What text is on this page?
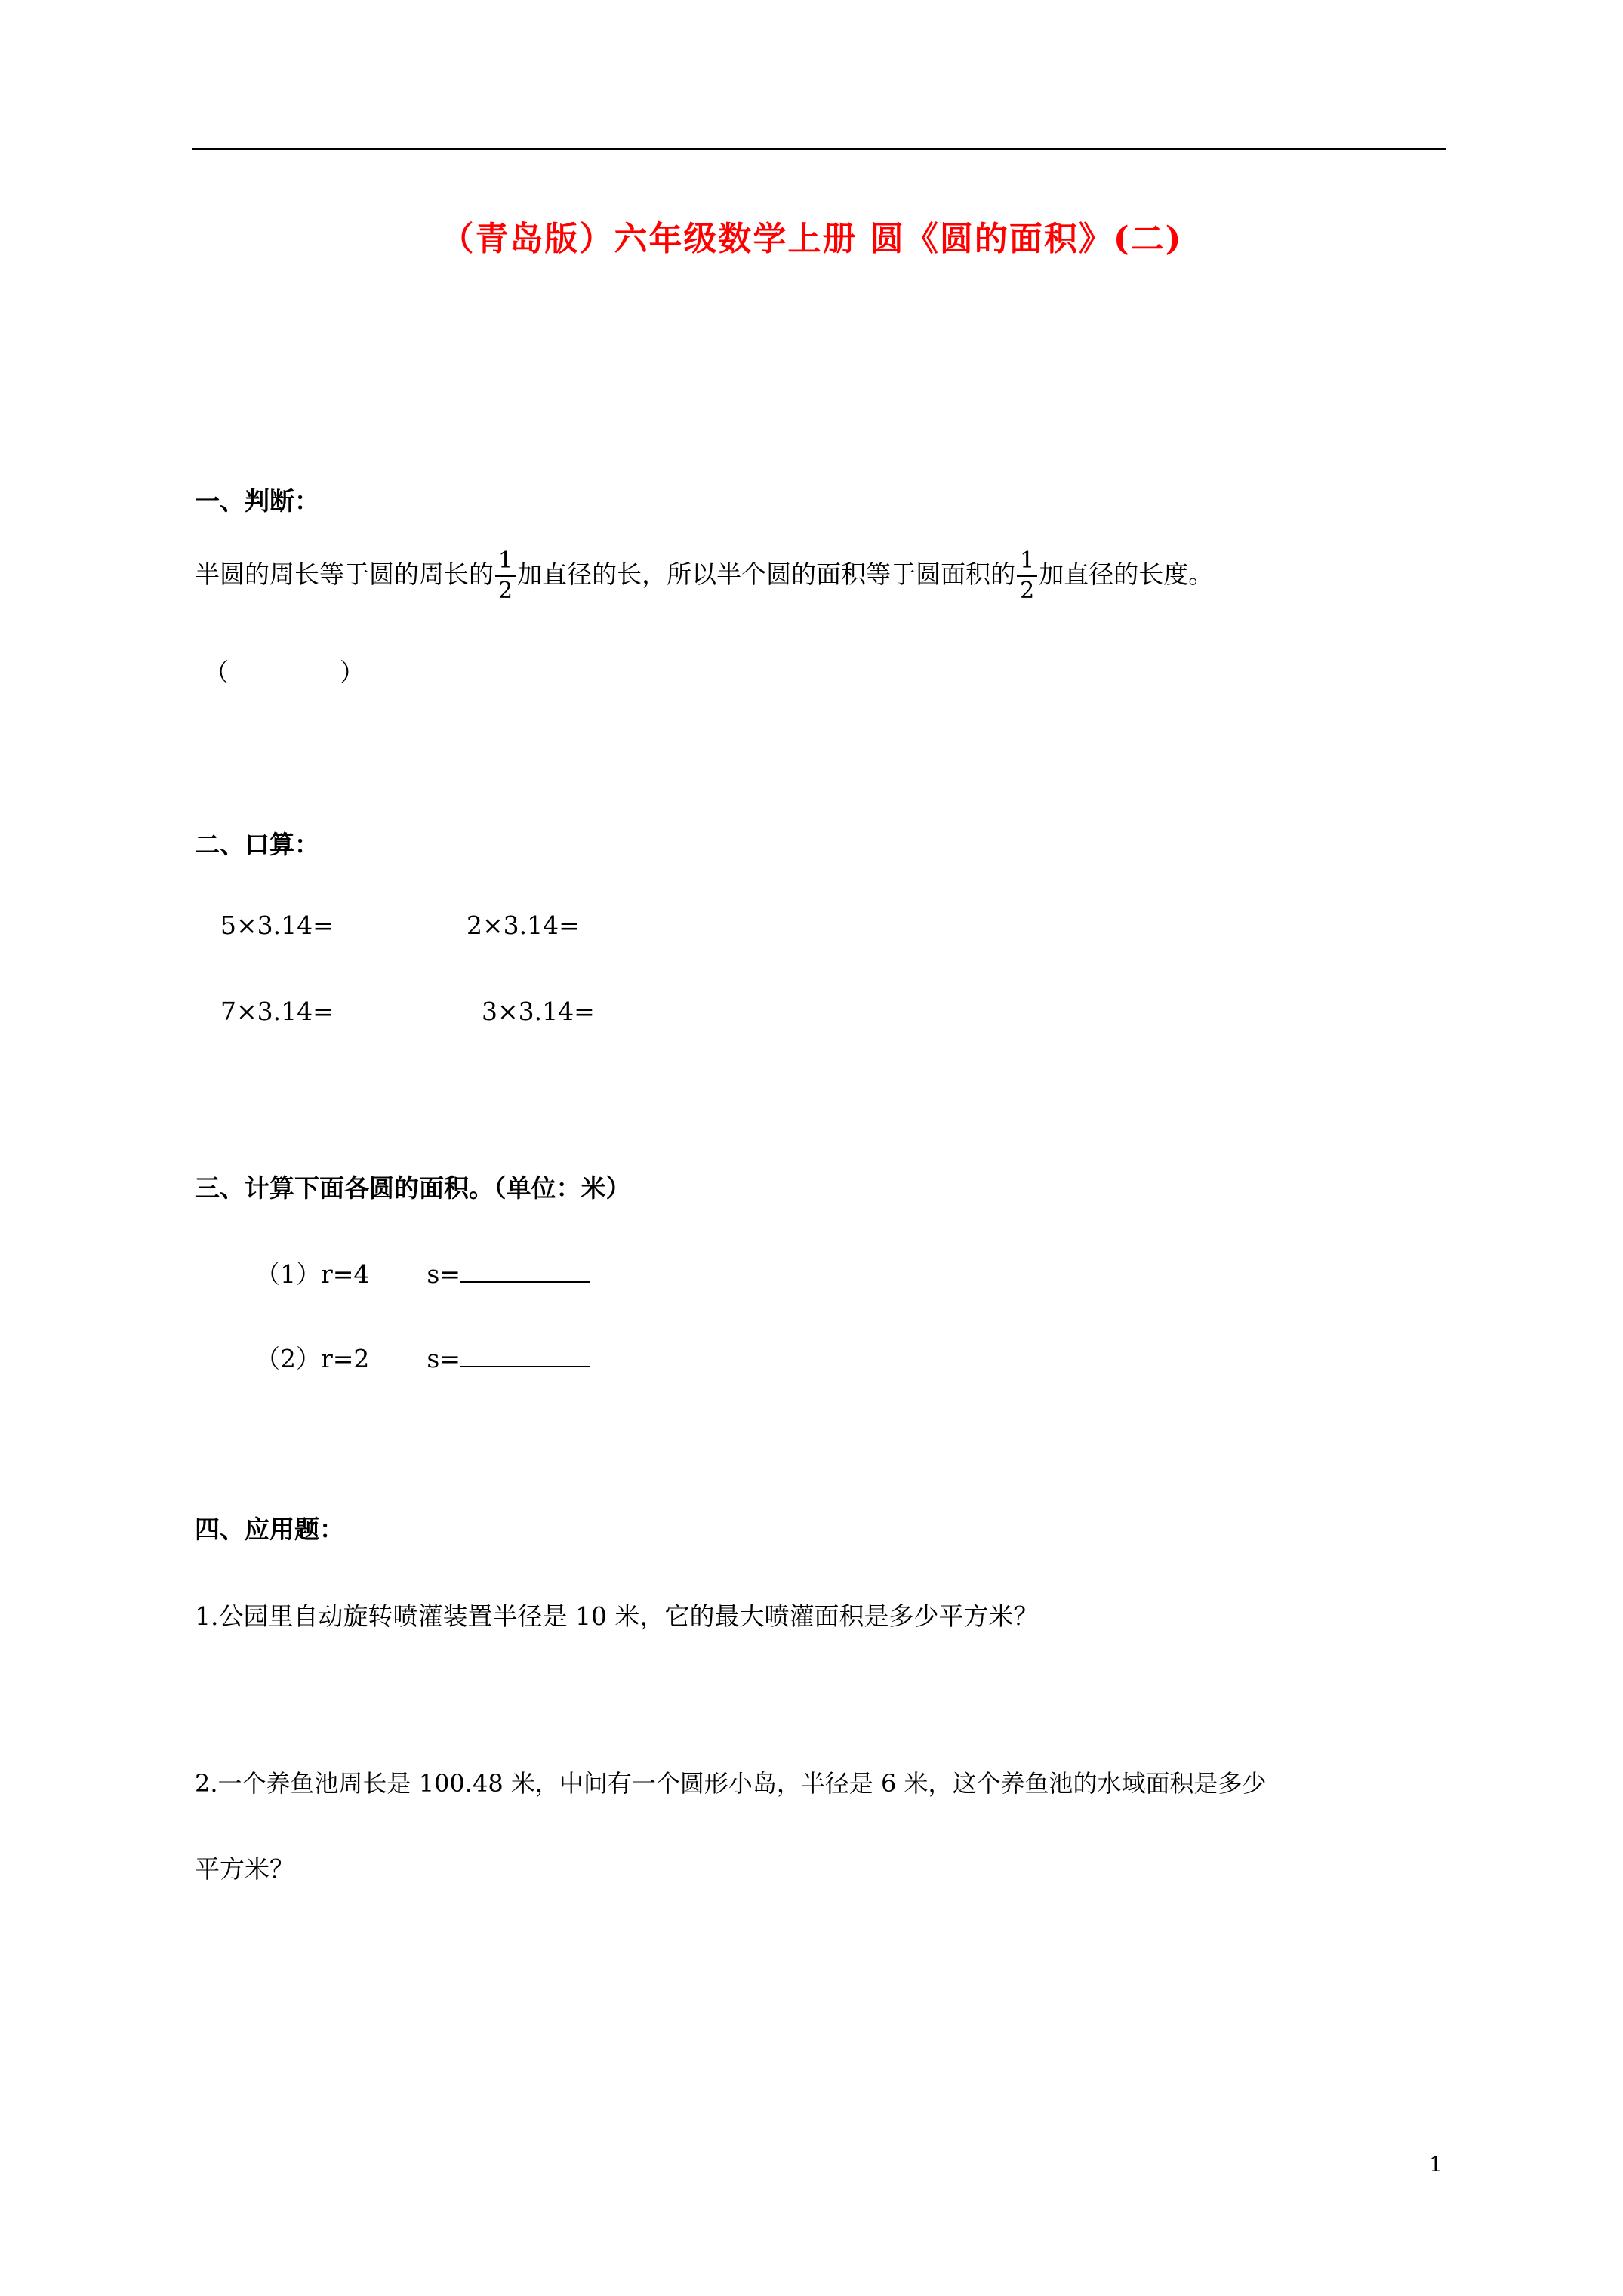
（青岛版）六年级数学上册 圆《圆的面积》(二)
一、判断：
半圆的周长等于圆的周长的 $\frac{1}{2}$ 加直径的长，所以半个圆的面积等于圆面积的 $\frac{1}{2}$ 加直径的长度。
（              ）
二、口算：
5×3.14=	2×3.14=
7×3.14=	3×3.14=
三、计算下面各圆的面积。（单位：米）
（1）r=4 s=
（2）r=2 s=
四、应用题：
1.公园里自动旋转喷灌装置半径是 10 米，它的最大喷灌面积是多少平方米？
2.一个养鱼池周长是 100.48 米，中间有一个圆形小岛，半径是 6 米，这个养鱼池的水域面积是多少
平方米？
1
